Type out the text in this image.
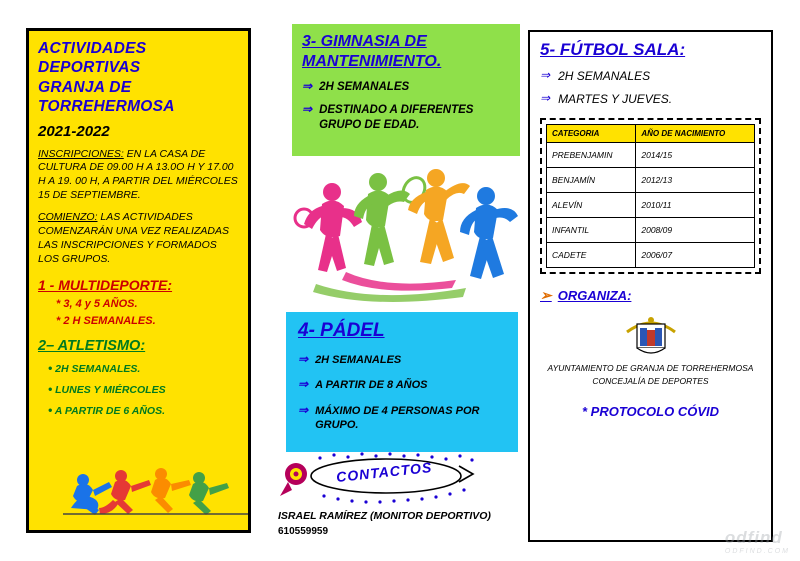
ACTIVIDADES
DEPORTIVAS
GRANJA DE
TORREHERMOSA
2021-2022
INSCRIPCIONES: EN LA CASA DE CULTURA DE 09.00 H A 13.0O H Y 17.00 H A 19. 00 H, A PARTIR DEL MIÉRCOLES 15 DE SEPTIEMBRE.
COMIENZO: LAS ACTIVIDADES COMENZARÁN UNA VEZ REALIZADAS LAS INSCRIPCIONES Y FORMADOS LOS GRUPOS.
1 - MULTIDEPORTE:
* 3, 4 y 5 AÑOS.
* 2 H SEMANALES.
2– ATLETISMO:
• 2H SEMANALES.
• LUNES Y MIÉRCOLES
• A PARTIR DE 6 AÑOS.
3- GIMNASIA DE
MANTENIMIENTO.
⇒ 2H SEMANALES
⇒ DESTINADO A DIFERENTES GRUPO DE EDAD.
4- PÁDEL
⇒ 2H SEMANALES
⇒ A PARTIR DE 8 AÑOS
⇒ MÁXIMO DE 4 PERSONAS POR GRUPO.
CONTACTOS
ISRAEL RAMÍREZ (MONITOR DEPORTIVO)
610559959
5- FÚTBOL SALA:
⇒ 2H SEMANALES
⇒ MARTES Y JUEVES.
CATEGORIA	AÑO DE NACIMIENTO
PREBENJAMIN	2014/15
BENJAMÍN	2012/13
ALEVÍN	2010/11
INFANTIL	2008/09
CADETE	2006/07
➢ ORGANIZA:
AYUNTAMIENTO DE GRANJA DE TORREHERMOSA
CONCEJALÍA DE DEPORTES
* PROTOCOLO CÓVID
odfind
ODFIND.COM
